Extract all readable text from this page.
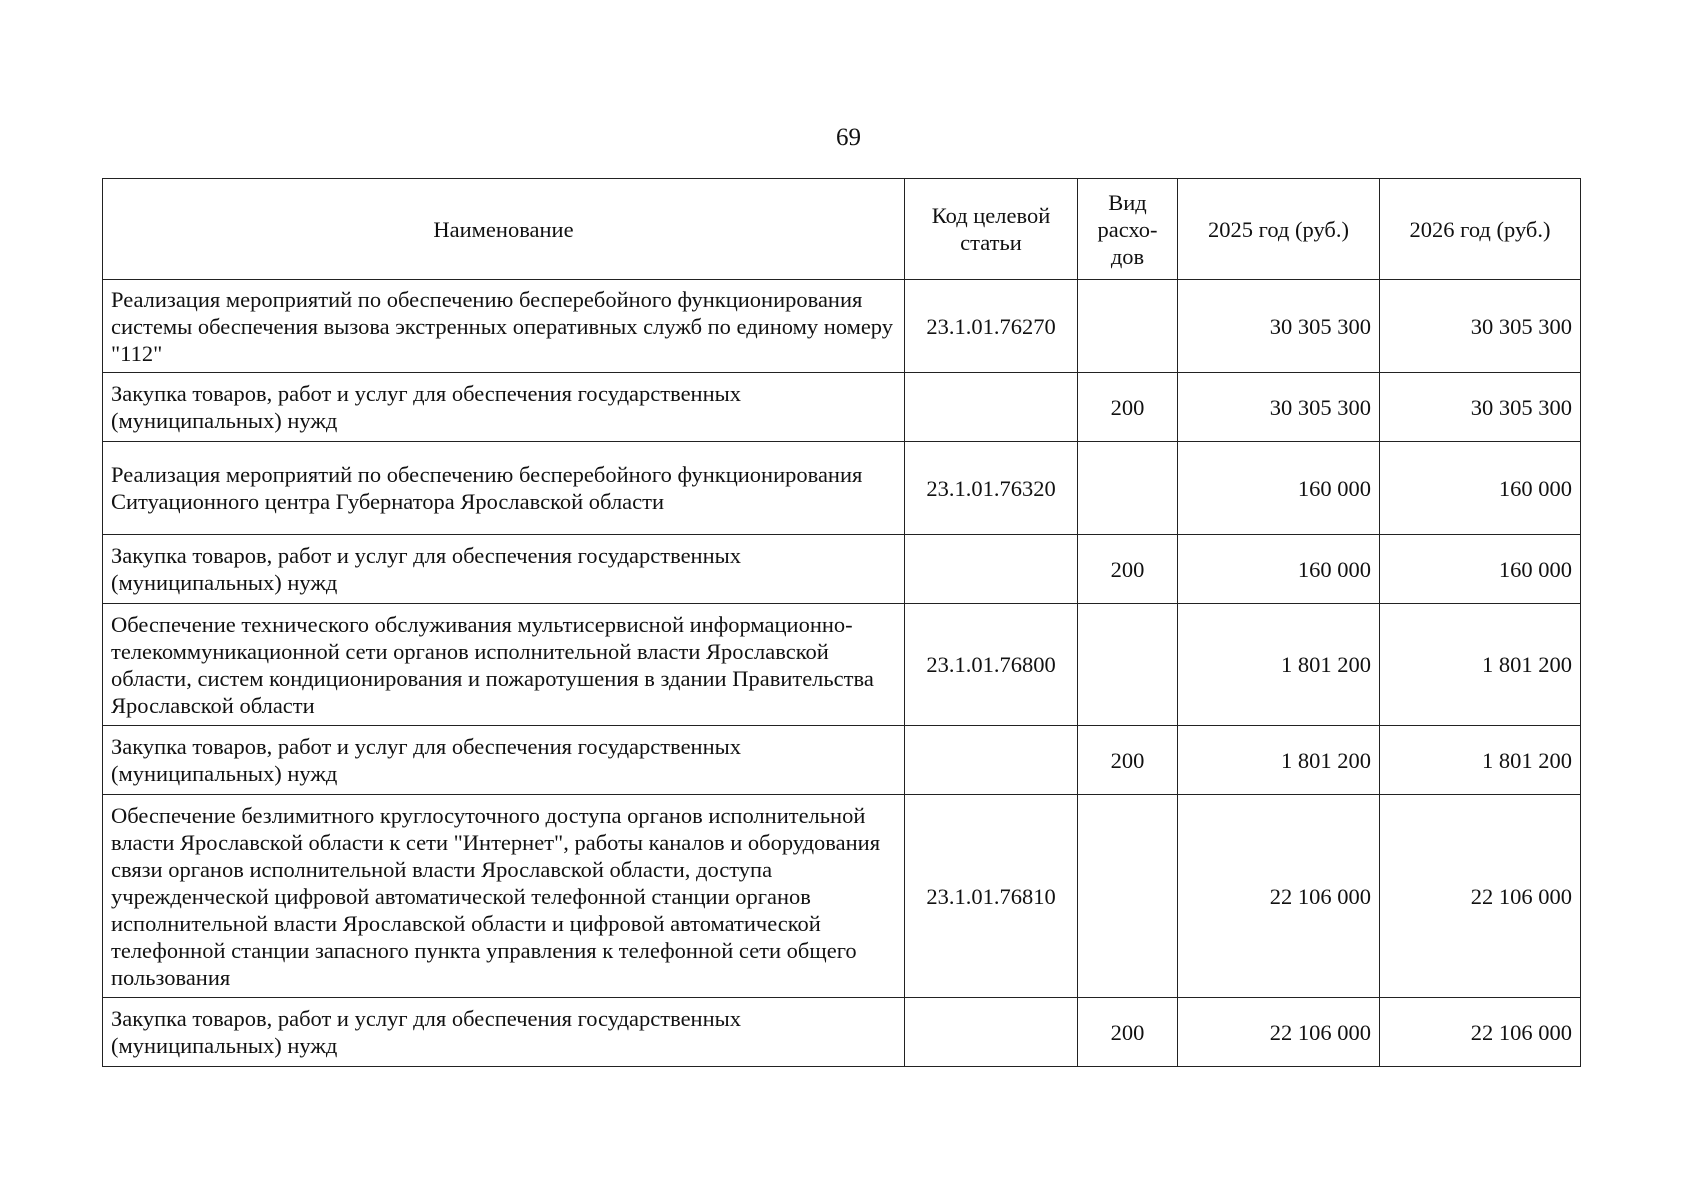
69
Наименование	Код целевой статьи	Вид расхо- дов	2025 год (руб.)	2026 год (руб.)
Реализация мероприятий по обеспечению бесперебойного функционирования системы обеспечения вызова экстренных оперативных служб по единому номеру "112"	23.1.01.76270		30 305 300	30 305 300
Закупка товаров, работ и услуг для обеспечения государственных (муниципальных) нужд		200	30 305 300	30 305 300
Реализация мероприятий по обеспечению бесперебойного функционирования Ситуационного центра Губернатора Ярославской области	23.1.01.76320		160 000	160 000
Закупка товаров, работ и услуг для обеспечения государственных (муниципальных) нужд		200	160 000	160 000
Обеспечение технического обслуживания мультисервисной информационно-телекоммуникационной сети органов исполнительной власти Ярославской области, систем кондиционирования и пожаротушения в здании Правительства Ярославской области	23.1.01.76800		1 801 200	1 801 200
Закупка товаров, работ и услуг для обеспечения государственных (муниципальных) нужд		200	1 801 200	1 801 200
Обеспечение безлимитного круглосуточного доступа органов исполнительной власти Ярославской области к сети "Интернет", работы каналов и оборудования связи органов исполнительной власти Ярославской области, доступа учрежденческой цифровой автоматической телефонной станции органов исполнительной власти Ярославской области и цифровой автоматической телефонной станции запасного пункта управления к телефонной сети общего пользования	23.1.01.76810		22 106 000	22 106 000
Закупка товаров, работ и услуг для обеспечения государственных (муниципальных) нужд		200	22 106 000	22 106 000
